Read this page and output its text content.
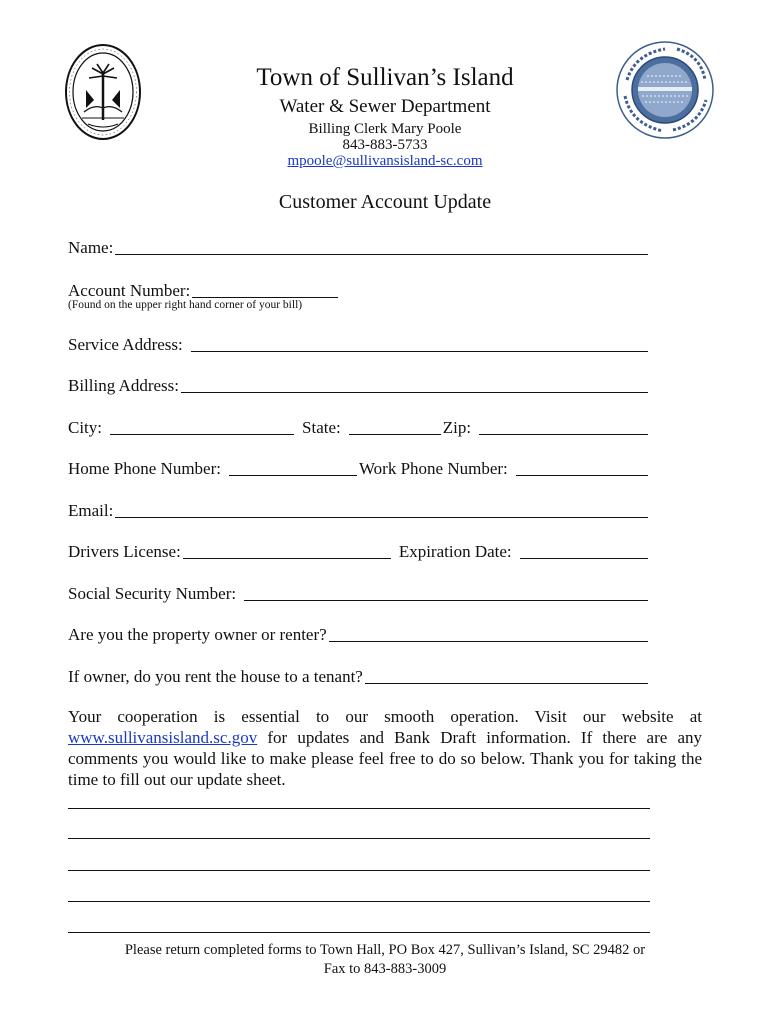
Town of Sullivan’s Island
Water & Sewer Department
Billing Clerk Mary Poole
843-883-5733
mpoole@sullivansisland-sc.com
Customer Account Update
Name:
Account Number:
(Found on the upper right hand corner of your bill)
Service Address:
Billing Address:
City:	State:	Zip:
Home Phone Number:	Work Phone Number:
Email:
Drivers License:	Expiration Date:
Social Security Number:
Are you the property owner or renter?
If owner, do you rent the house to a tenant?
Your cooperation is essential to our smooth operation. Visit our website at www.sullivansisland.sc.gov for updates and Bank Draft information. If there are any comments you would like to make please feel free to do so below. Thank you for taking the time to fill out our update sheet.
Please return completed forms to Town Hall, PO Box 427, Sullivan’s Island, SC 29482 or
Fax to 843-883-3009
